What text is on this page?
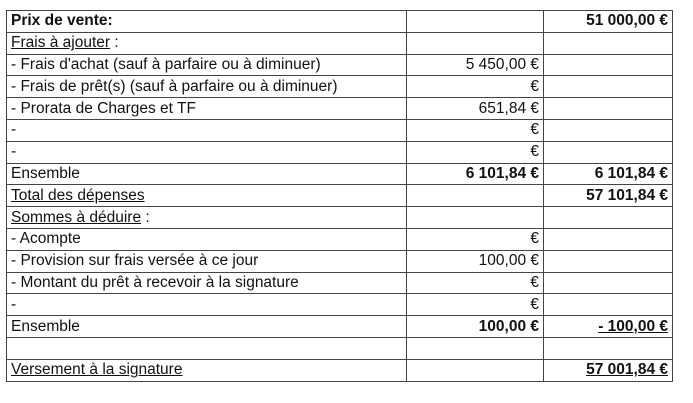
Prix de vente:		51 000,00 €
Frais à ajouter :		
- Frais d'achat (sauf à parfaire ou à diminuer)	5 450,00 €	
- Frais de prêt(s) (sauf à parfaire ou à diminuer)	€	
- Prorata de Charges et TF	651,84 €	
-	€	
-	€	
Ensemble	6 101,84 €	6 101,84 €
Total des dépenses		57 101,84 €
Sommes à déduire :		
- Acompte	€	
- Provision sur frais versée à ce jour	100,00 €	
- Montant du prêt à recevoir à la signature	€	
-	€	
Ensemble	100,00 €	- 100,00 €

Versement à la signature		57 001,84 €
